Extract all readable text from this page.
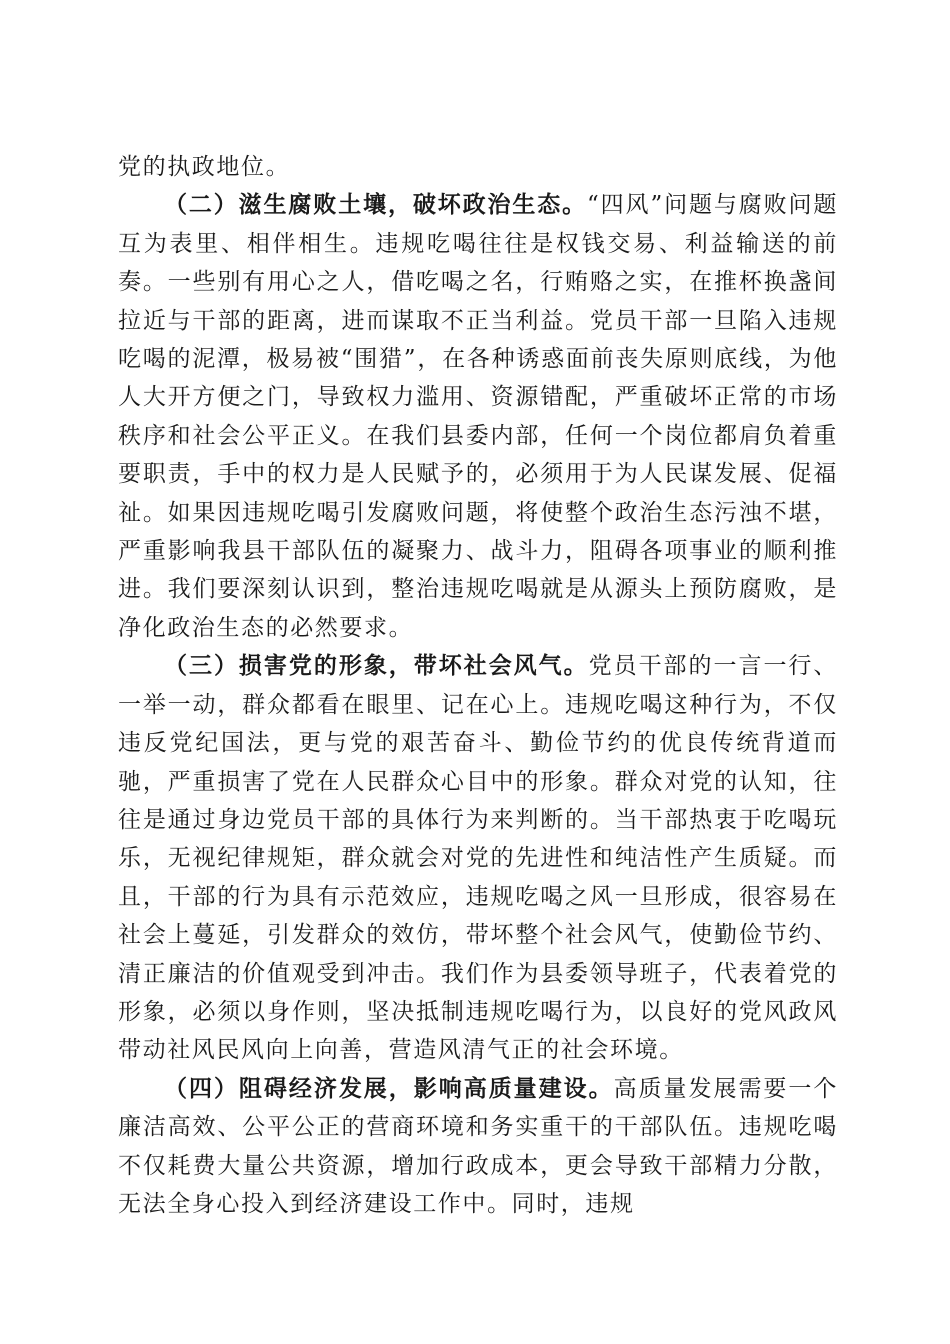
党的执政地位。

（二）滋生腐败土壤，破坏政治生态。“四风”问题与腐败问题互为表里、相伴相生。违规吃喝往往是权钱交易、利益输送的前奏。一些别有用心之人，借吃喝之名，行贿赂之实，在推杯换盏间拉近与干部的距离，进而谋取不正当利益。党员干部一旦陷入违规吃喝的泥潭，极易被“围猎”，在各种诱惑面前丧失原则底线，为他人大开方便之门，导致权力滥用、资源错配，严重破坏正常的市场秩序和社会公平正义。在我们县委内部，任何一个岗位都肩负着重要职责，手中的权力是人民赋予的，必须用于为人民谋发展、促福祉。如果因违规吃喝引发腐败问题，将使整个政治生态污浊不堪，严重影响我县干部队伍的凝聚力、战斗力，阻碍各项事业的顺利推进。我们要深刻认识到，整治违规吃喝就是从源头上预防腐败，是净化政治生态的必然要求。

（三）损害党的形象，带坏社会风气。党员干部的一言一行、一举一动，群众都看在眼里、记在心上。违规吃喝这种行为，不仅违反党纪国法，更与党的艰苦奋斗、勤俭节约的优良传统背道而驰，严重损害了党在人民群众心目中的形象。群众对党的认知，往往是通过身边党员干部的具体行为来判断的。当干部热衷于吃喝玩乐，无视纪律规矩，群众就会对党的先进性和纯洁性产生质疑。而且，干部的行为具有示范效应，违规吃喝之风一旦形成，很容易在社会上蔓延，引发群众的效仿，带坏整个社会风气，使勤俭节约、清正廉洁的价值观受到冲击。我们作为县委领导班子，代表着党的形象，必须以身作则，坚决抵制违规吃喝行为，以良好的党风政风带动社风民风向上向善，营造风清气正的社会环境。

（四）阻碍经济发展，影响高质量建设。高质量发展需要一个廉洁高效、公平公正的营商环境和务实重干的干部队伍。违规吃喝不仅耗费大量公共资源，增加行政成本，更会导致干部精力分散，无法全身心投入到经济建设工作中。同时，违规
